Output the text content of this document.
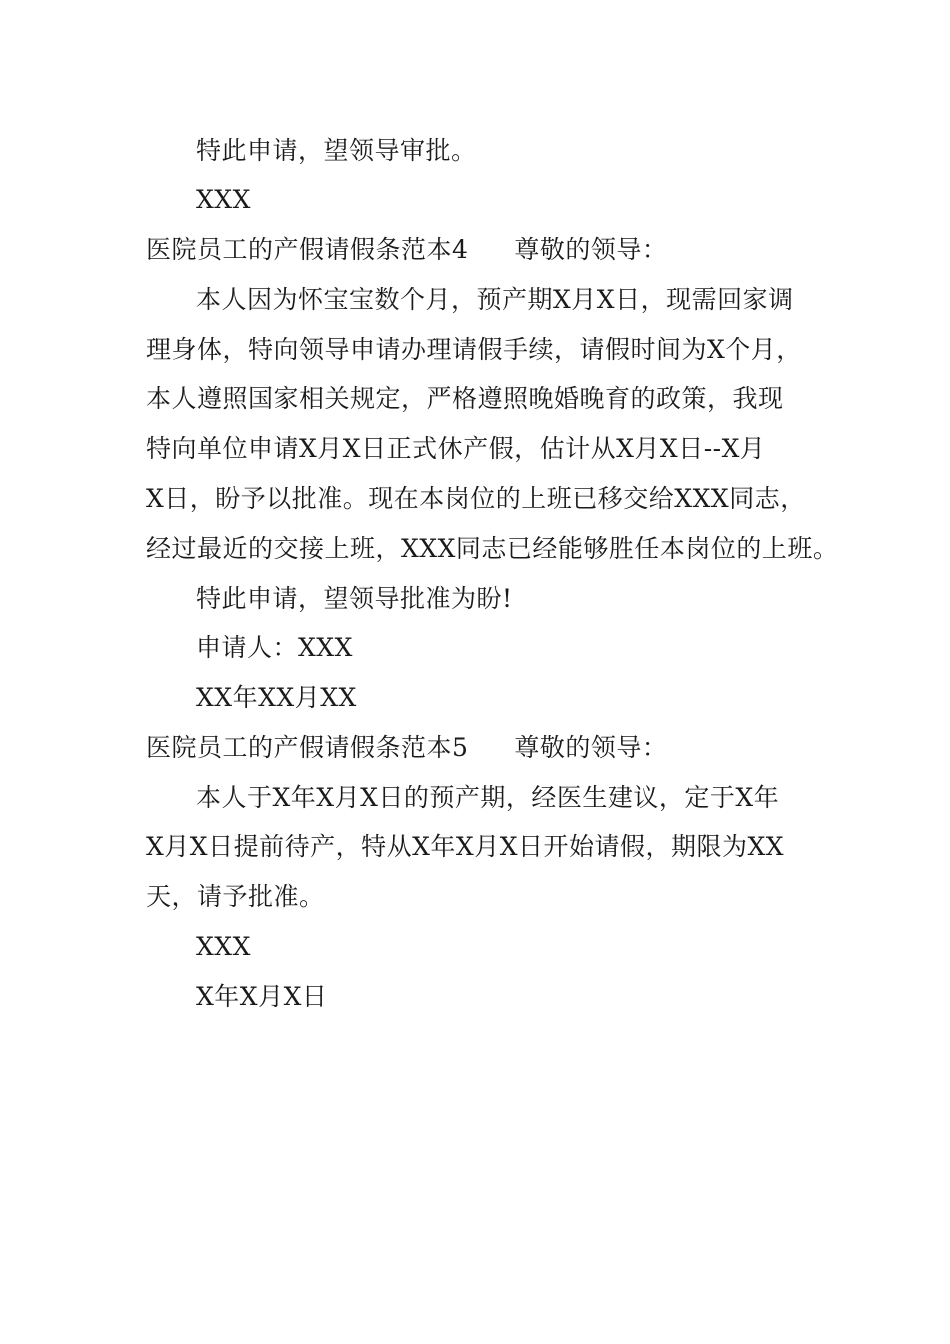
特此申请，望领导审批。
XXX
医院员工的产假请假条范本4 尊敬的领导：
本人因为怀宝宝数个月，预产期X月X日，现需回家调
理身体，特向领导申请办理请假手续，请假时间为X个月，
本人遵照国家相关规定，严格遵照晚婚晚育的政策，我现
特向单位申请X月X日正式休产假，估计从X月X日--X月
X日，盼予以批准。现在本岗位的上班已移交给XXX同志，
经过最近的交接上班，XXX同志已经能够胜任本岗位的上班。
特此申请，望领导批准为盼!
申请人：XXX
XX年XX月XX
医院员工的产假请假条范本5 尊敬的领导：
本人于X年X月X日的预产期，经医生建议，定于X年
X月X日提前待产，特从X年X月X日开始请假，期限为XX
天，请予批准。
XXX
X年X月X日
